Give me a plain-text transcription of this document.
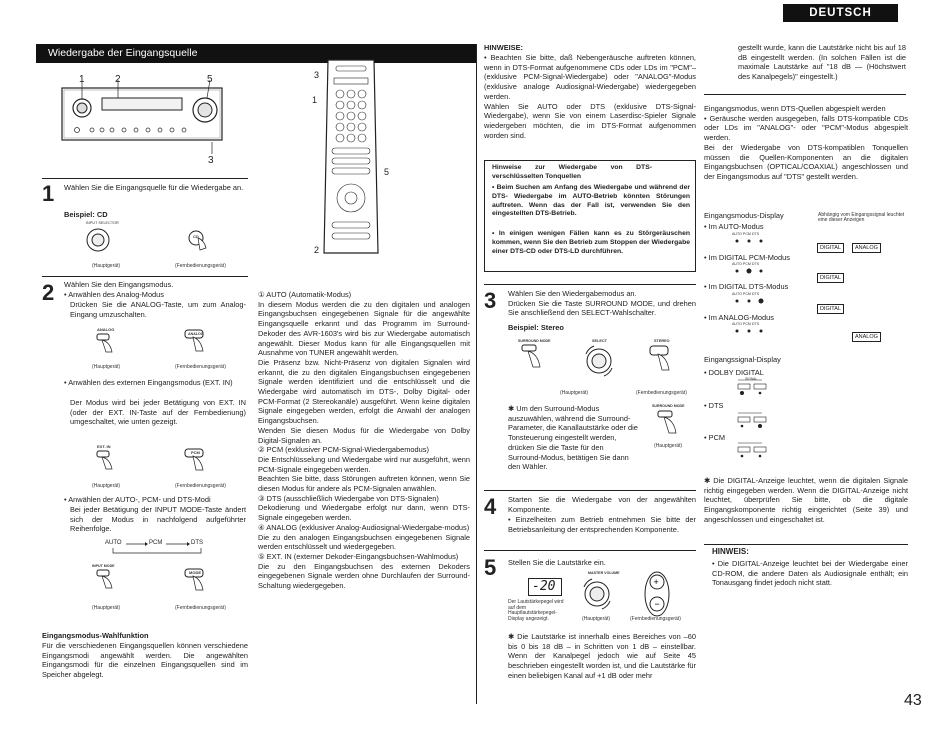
DEUTSCH
Wiedergabe der Eingangsquelle
1	2	5
3
3
1
5
2
1 Wählen Sie die Eingangsquelle für die Wiedergabe an.
Beispiel: CD
INPUT SELECTOR
CD
(Hauptgerät)	(Fernbedienungsgerät)
2 Wählen Sie den Eingangsmodus.
• Anwählen des Analog-Modus
Drücken Sie die ANALOG-Taste, um zum Analog-Eingang umzuschalten.
ANALOG
ANALOG
(Hauptgerät)	(Fernbedienungsgerät)
• Anwählen des externen Eingangsmodus (EXT. IN)
Der Modus wird bei jeder Betätigung von EXT. IN (oder der EXT. IN-Taste auf der Fernbedienung) umgeschaltet, wie unten gezeigt.
EXT. IN
PCM
(Hauptgerät)	(Fernbedienungsgerät)
• Anwählen der AUTO-, PCM- und DTS-Modi
Bei jeder Betätigung der INPUT MODE-Taste ändert sich der Modus in nachfolgend aufgeführter Reihenfolge.
AUTO	PCM	DTS
INPUT MODE
MODE
(Hauptgerät)	(Fernbedienungsgerät)
Eingangsmodus-Wahlfunktion
Für die verschiedenen Eingangsquellen können verschiedene Eingangsmodi angewählt werden. Die angewählten Eingangsmodi für die einzelnen Eingangsquellen sind im Speicher abgelegt.
① AUTO (Automatik-Modus)
In diesem Modus werden die zu den digitalen und analogen Eingangsbuchsen eingegebenen Signale für die angewählte Eingangsquelle erkannt und das Programm im Surround-Dekoder des AVR-1603's wird bis zur Wiedergabe automatisch angewählt. Dieser Modus kann für alle Eingangsquellen mit Ausnahme von TUNER angewählt werden.
Die Präsenz bzw. Nicht-Präsenz von digitalen Signalen wird erkannt, die zu den digitalen Eingangsbuchsen eingegebenen Signale werden identifiziert und die entschlüsselt und die Wiedergabe wird automatisch im DTS-, Dolby Digital- oder PCM-Format (2 Stereokanäle) ausgeführt. Wenn keine digitalen Signale eingegeben werden, erfolgt die Anwahl der analogen Eingangsbuchsen.
Wenden Sie diesen Modus für die Wiedergabe von Dolby Digital-Signalen an.
② PCM (exklusiver PCM-Signal-Wiedergabemodus)
Die Entschlüsselung und Wiedergabe wird nur ausgeführt, wenn PCM-Signale eingegeben werden.
Beachten Sie bitte, dass Störungen auftreten können, wenn Sie diesen Modus für andere als PCM-Signalen anwählen.
③ DTS (ausschließlich Wiedergabe von DTS-Signalen)
Dekodierung und Wiedergabe erfolgt nur dann, wenn DTS-Signale eingegeben werden.
④ ANALOG (exklusiver Analog-Audiosignal-Wiedergabe-modus)
Die zu den analogen Eingangsbuchsen eingegebenen Signale werden entschlüsselt und wiedergegeben.
⑤ EXT. IN (externer Dekoder-Eingangsbuchsen-Wahlmodus)
Die zu den Eingangsbuchsen des externen Dekoders eingegebenen Signale werden ohne Durchlaufen der Surround-Schaltung wiedergegeben.
HINWEISE:
• Beachten Sie bitte, daß Nebengeräusche auftreten können, wenn in DTS-Format aufgenommene CDs oder LDs im "PCM"– (exklusive PCM-Signal-Wiedergabe) oder "ANALOG"-Modus (exklusive analoge Audiosignal-Wiedergabe) wiedergegeben werden.
Wählen Sie AUTO oder DTS (exklusive DTS-Signal-Wiedergabe), wenn Sie von einem Laserdisc-Spieler Signale wiedergeben möchten, die im DTS-Format aufgenommen worden sind.
Hinweise zur Wiedergabe von DTS-verschlüsselten Tonquellen
• Beim Suchen am Anfang des Wiedergabe und während der DTS- Wiedergabe im AUTO-Betrieb könnten Störungen auftreten. Wenn das der Fall ist, verwenden Sie den eingestellten DTS-Betrieb.
• In einigen wenigen Fällen kann es zu Störgeräuschen kommen, wenn Sie den Betrieb zum Stoppen der Wiedergabe einer DTS-CD oder DTS-LD durchführen.
3 Wählen Sie den Wiedergabemodus an.
Drücken Sie die Taste SURROUND MODE, und drehen Sie anschließend den SELECT-Wahlschalter.
Beispiel: Stereo
SURROUND MODE	SELECT	STEREO
(Hauptgerät)	(Fernbedienungsgerät)
✱ Um den Surround-Modus auszuwählen, während die Surround-Parameter, die Kanallautstärke oder die Tonsteuerung eingestellt werden, drücken Sie die Taste für den Surround-Modus, betätigen Sie dann den Wähler.
SURROUND MODE
(Hauptgerät)
4 Starten Sie die Wiedergabe von der angewählten Komponente.
• Einzelheiten zum Betrieb entnehmen Sie bitte der Betriebsanleitung der entsprechenden Komponente.
5 Stellen Sie die Lautstärke ein.
-20
MASTER VOLUME
+
−
Der Lautstärkepegel wird auf dem Hauptlautstärkepegel-Display angezeigt.	(Hauptgerät)	(Fernbedienungsgerät)
✱ Die Lautstärke ist innerhalb eines Bereiches von –60 bis 0 bis 18 dB – in Schritten von 1 dB – einstellbar. Wenn der Kanalpegel jedoch wie auf Seite 45 beschrieben eingestellt worden ist, und die Lautstärke für einen beliebigen Kanal auf +1 dB oder mehr
gestellt wurde, kann die Lautstärke nicht bis auf 18 dB eingestellt werden. (In solchen Fällen ist die maximale Lautstärke auf "18 dB — (Höchstwert des Kanalpegels)" eingestellt.)
Eingangsmodus, wenn DTS-Quellen abgespielt werden
• Geräusche werden ausgegeben, falls DTS-kompatible CDs oder LDs im "ANALOG"- oder "PCM"-Modus abgespielt werden.
Bei der Wiedergabe von DTS-kompatiblen Tonquellen müssen die Quellen-Komponenten an die digitalen Eingangsbuchsen (OPTICAL/COAXIAL) angeschlossen und der Eingangsmodus auf "DTS" gestellt werden.
Eingangsmodus-Display	Abhängig vom Eingangssignal leuchtet eine dieser Anzeigen
• Im AUTO-Modus
AUTO PCM DTS
DIGITAL	ANALOG
• Im DIGITAL PCM-Modus
AUTO PCM DTS
DIGITAL
• Im DIGITAL DTS-Modus
AUTO PCM DTS
DIGITAL
• Im ANALOG-Modus
AUTO PCM DTS
ANALOG
Eingangssignal-Display
• DOLBY DIGITAL
• DTS
• PCM
SIGNAL
✱ Die DIGITAL-Anzeige leuchtet, wenn die digitalen Signale richtig eingegeben werden. Wenn die DIGITAL-Anzeige nicht leuchtet, überprüfen Sie bitte, ob die digitale Eingangskomponente richtig eingerichtet (Seite 39) und angeschlossen und eingeschaltet ist.
HINWEIS:
• Die DIGITAL-Anzeige leuchtet bei der Wiedergabe einer CD-ROM, die andere Daten als Audiosignale enthält; ein Tonausgang findet jedoch nicht statt.
43
